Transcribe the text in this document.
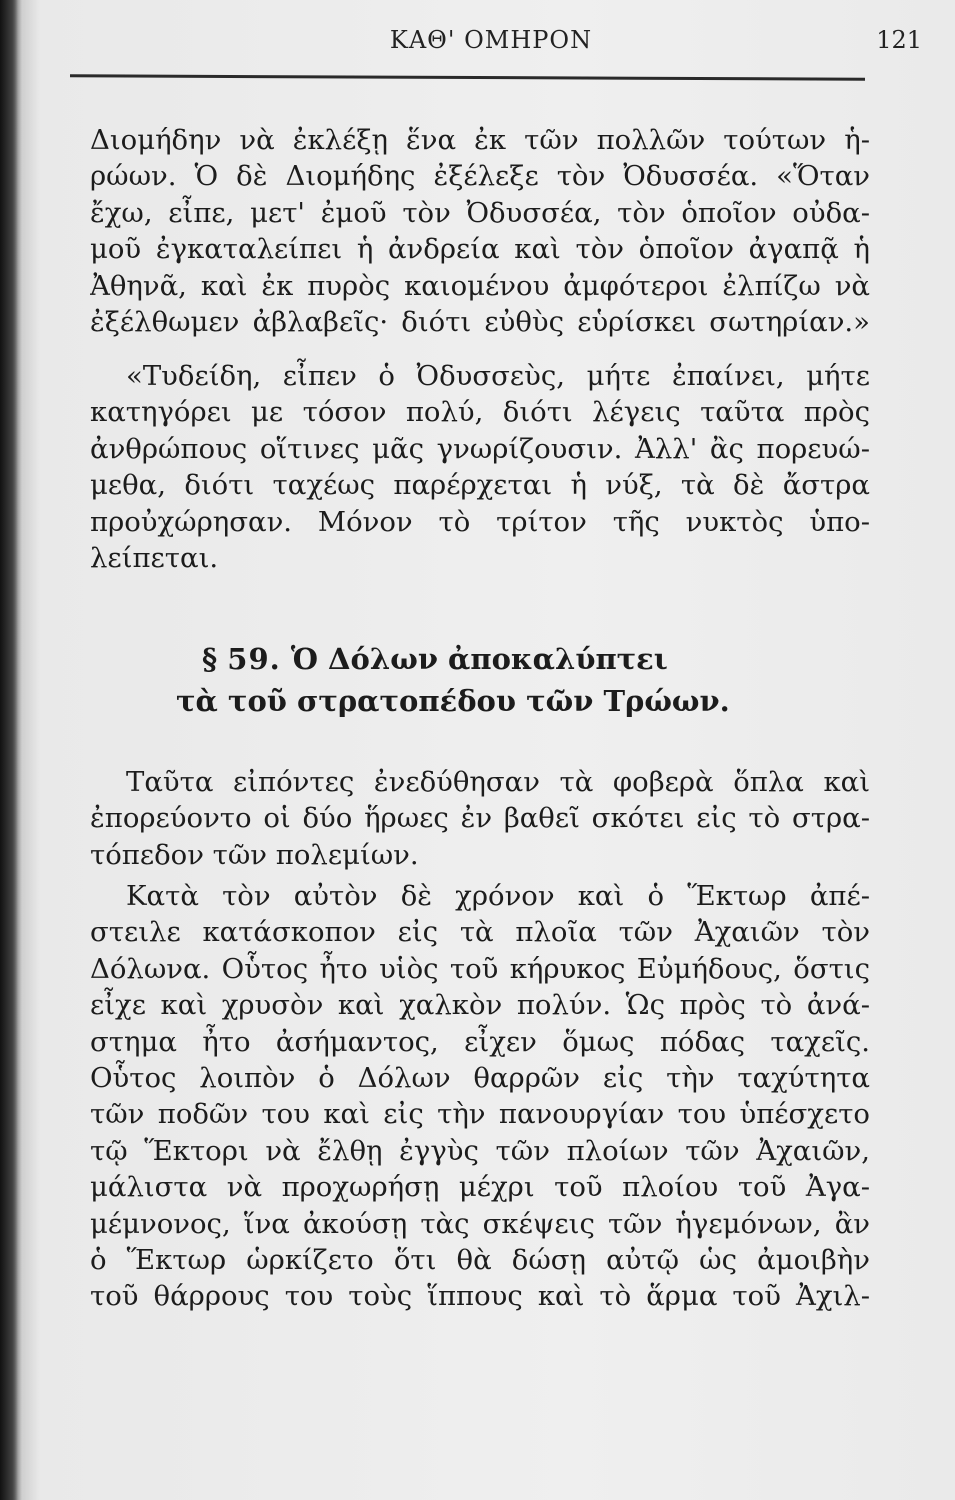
ΚΑΘ' ΟΜΗΡΟΝ	121
Διομήδην νὰ ἐκλέξῃ ἕνα ἐκ τῶν πολλῶν τούτων ἡ-
ρώων. Ὁ δὲ Διομήδης ἐξέλεξε τὸν Ὀδυσσέα. «Ὅταν
ἔχω, εἶπε, μετ' ἐμοῦ τὸν Ὀδυσσέα, τὸν ὁποῖον οὐδα-
μοῦ ἐγκαταλείπει ἡ ἀνδρεία καὶ τὸν ὁποῖον ἀγαπᾷ ἡ
Ἀθηνᾶ, καὶ ἐκ πυρὸς καιομένου ἀμφότεροι ἐλπίζω νὰ
ἐξέλθωμεν ἀβλαβεῖς· διότι εὐθὺς εὑρίσκει σωτηρίαν.»
«Τυδείδη, εἶπεν ὁ Ὀδυσσεὺς, μήτε ἐπαίνει, μήτε
κατηγόρει με τόσον πολύ, διότι λέγεις ταῦτα πρὸς
ἀνθρώπους οἵτινες μᾶς γνωρίζουσιν. Ἀλλ' ἂς πορευώ-
μεθα, διότι ταχέως παρέρχεται ἡ νύξ, τὰ δὲ ἄστρα
προὐχώρησαν. Μόνον τὸ τρίτον τῆς νυκτὸς ὑπο-
λείπεται.
§ 59. Ὁ Δόλων ἀποκαλύπτει
τὰ τοῦ στρατοπέδου τῶν Τρώων.
Ταῦτα εἰπόντες ἐνεδύθησαν τὰ φοβερὰ ὅπλα καὶ
ἐπορεύοντο οἱ δύο ἥρωες ἐν βαθεῖ σκότει εἰς τὸ στρα-
τόπεδον τῶν πολεμίων.
Κατὰ τὸν αὐτὸν δὲ χρόνον καὶ ὁ Ἕκτωρ ἀπέ-
στειλε κατάσκοπον εἰς τὰ πλοῖα τῶν Ἀχαιῶν τὸν
Δόλωνα. Οὗτος ἦτο υἱὸς τοῦ κήρυκος Εὐμήδους, ὅστις
εἶχε καὶ χρυσὸν καὶ χαλκὸν πολύν. Ὡς πρὸς τὸ ἀνά-
στημα ἦτο ἀσήμαντος, εἶχεν ὅμως πόδας ταχεῖς.
Οὗτος λοιπὸν ὁ Δόλων θαρρῶν εἰς τὴν ταχύτητα
τῶν ποδῶν του καὶ εἰς τὴν πανουργίαν του ὑπέσχετο
τῷ Ἕκτορι νὰ ἔλθῃ ἐγγὺς τῶν πλοίων τῶν Ἀχαιῶν,
μάλιστα νὰ προχωρήσῃ μέχρι τοῦ πλοίου τοῦ Ἀγα-
μέμνονος, ἵνα ἀκούσῃ τὰς σκέψεις τῶν ἡγεμόνων, ἂν
ὁ Ἕκτωρ ὡρκίζετο ὅτι θὰ δώσῃ αὐτῷ ὡς ἀμοιβὴν
τοῦ θάρρους του τοὺς ἵππους καὶ τὸ ἅρμα τοῦ Ἀχιλ-
